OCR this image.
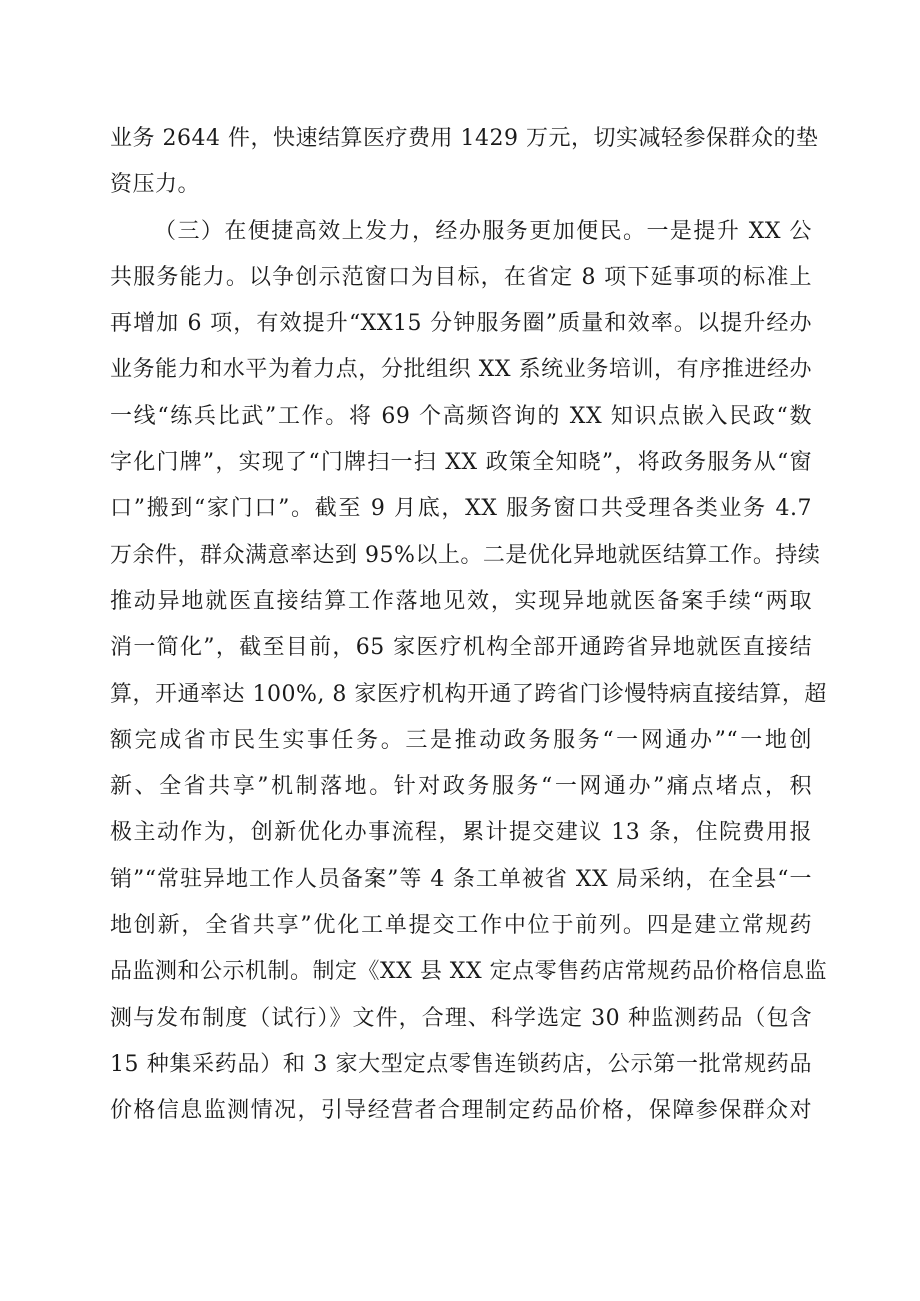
业务 2644 件，快速结算医疗费用 1429 万元，切实减轻参保群众的垫
资压力。
（三）在便捷高效上发力，经办服务更加便民。一是提升 XX 公
共服务能力。以争创示范窗口为目标，在省定 8 项下延事项的标准上
再增加 6 项，有效提升“XX15 分钟服务圈”质量和效率。以提升经办
业务能力和水平为着力点，分批组织 XX 系统业务培训，有序推进经办
一线“练兵比武”工作。将 69 个高频咨询的 XX 知识点嵌入民政“数
字化门牌”，实现了“门牌扫一扫 XX 政策全知晓”，将政务服务从“窗
口”搬到“家门口”。截至 9 月底，XX 服务窗口共受理各类业务 4.7
万余件，群众满意率达到 95%以上。二是优化异地就医结算工作。持续
推动异地就医直接结算工作落地见效，实现异地就医备案手续“两取
消一简化”，截至目前，65 家医疗机构全部开通跨省异地就医直接结
算，开通率达 100%, 8 家医疗机构开通了跨省门诊慢特病直接结算，超
额完成省市民生实事任务。三是推动政务服务“一网通办”“一地创
新、全省共享”机制落地。针对政务服务“一网通办”痛点堵点，积
极主动作为，创新优化办事流程，累计提交建议 13 条，住院费用报
销”“常驻异地工作人员备案”等 4 条工单被省 XX 局采纳，在全县“一
地创新，全省共享”优化工单提交工作中位于前列。四是建立常规药
品监测和公示机制。制定《XX 县 XX 定点零售药店常规药品价格信息监
测与发布制度（试行）》文件，合理、科学选定 30 种监测药品（包含
15 种集采药品）和 3 家大型定点零售连锁药店，公示第一批常规药品
价格信息监测情况，引导经营者合理制定药品价格，保障参保群众对
